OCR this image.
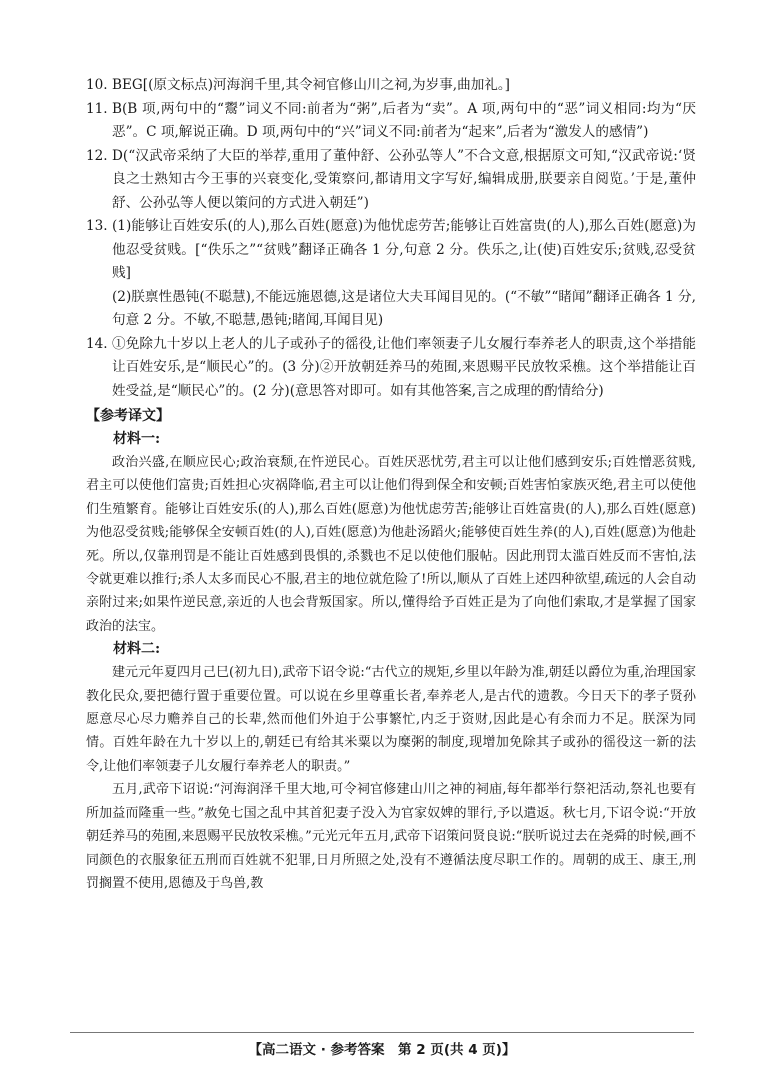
10. BEG[(原文标点)河海润千里,其令祠官修山川之祠,为岁事,曲加礼。]

11. B(B 项,两句中的“鬻”词义不同:前者为“粥”,后者为“卖”。A 项,两句中的“恶”词义相同:均为“厌恶”。C 项,解说正确。D 项,两句中的“兴”词义不同:前者为“起来”,后者为“激发人的感情”)

12. D(“汉武帝采纳了大臣的举荐,重用了董仲舒、公孙弘等人”不合文意,根据原文可知,“汉武帝说:‘贤良之士熟知古今王事的兴衰变化,受策察问,都请用文字写好,编辑成册,朕要亲自阅览。’于是,董仲舒、公孙弘等人便以策问的方式进入朝廷”)

13. (1)能够让百姓安乐(的人),那么百姓(愿意)为他忧虑劳苦;能够让百姓富贵(的人),那么百姓(愿意)为他忍受贫贱。[“佚乐之”“贫贱”翻译正确各 1 分,句意 2 分。佚乐之,让(使)百姓安乐;贫贱,忍受贫贱]

(2)朕禀性愚钝(不聪慧),不能远施恩德,这是诸位大夫耳闻目见的。(“不敏”“睹闻”翻译正确各 1 分,句意 2 分。不敏,不聪慧,愚钝;睹闻,耳闻目见)

14. ①免除九十岁以上老人的儿子或孙子的徭役,让他们率领妻子儿女履行奉养老人的职责,这个举措能让百姓安乐,是“顺民心”的。(3 分)②开放朝廷养马的苑囿,来恩赐平民放牧采樵。这个举措能让百姓受益,是“顺民心”的。(2 分)(意思答对即可。如有其他答案,言之成理的酌情给分)

【参考译文】
材料一:

政治兴盛,在顺应民心;政治衰颓,在忤逆民心。百姓厌恶忧劳,君主可以让他们感到安乐;百姓憎恶贫贱,君主可以使他们富贵;百姓担心灾祸降临,君主可以让他们得到保全和安顿;百姓害怕家族灭绝,君主可以使他们生殖繁育。能够让百姓安乐(的人),那么百姓(愿意)为他忧虑劳苦;能够让百姓富贵(的人),那么百姓(愿意)为他忍受贫贱;能够保全安顿百姓(的人),百姓(愿意)为他赴汤蹈火;能够使百姓生养(的人),百姓(愿意)为他赴死。所以,仅靠刑罚是不能让百姓感到畏惧的,杀戮也不足以使他们服帖。因此刑罚太滥百姓反而不害怕,法令就更难以推行;杀人太多而民心不服,君主的地位就危险了!所以,顺从了百姓上述四种欲望,疏远的人会自动亲附过来;如果忤逆民意,亲近的人也会背叛国家。所以,懂得给予百姓正是为了向他们索取,才是掌握了国家政治的法宝。

材料二:

建元元年夏四月己巳(初九日),武帝下诏令说:“古代立的规矩,乡里以年龄为准,朝廷以爵位为重,治理国家教化民众,要把德行置于重要位置。可以说在乡里尊重长者,奉养老人,是古代的遗教。今日天下的孝子贤孙愿意尽心尽力赡养自己的长辈,然而他们外迫于公事繁忙,内乏于资财,因此是心有余而力不足。朕深为同情。百姓年龄在九十岁以上的,朝廷已有给其米粟以为糜粥的制度,现增加免除其子或孙的徭役这一新的法令,让他们率领妻子儿女履行奉养老人的职责。”

五月,武帝下诏说:“河海润泽千里大地,可令祠官修建山川之神的祠庙,每年都举行祭祀活动,祭礼也要有所加益而隆重一些。”赦免七国之乱中其首犯妻子没入为官家奴婢的罪行,予以遣返。秋七月,下诏令说:“开放朝廷养马的苑囿,来恩赐平民放牧采樵。”元光元年五月,武帝下诏策问贤良说:“朕听说过去在尧舜的时候,画不同颜色的衣服象征五刑而百姓就不犯罪,日月所照之处,没有不遵循法度尽职工作的。周朝的成王、康王,刑罚搁置不使用,恩德及于鸟兽,教

【高二语文 · 参考答案　第 2 页(共 4 页)】
